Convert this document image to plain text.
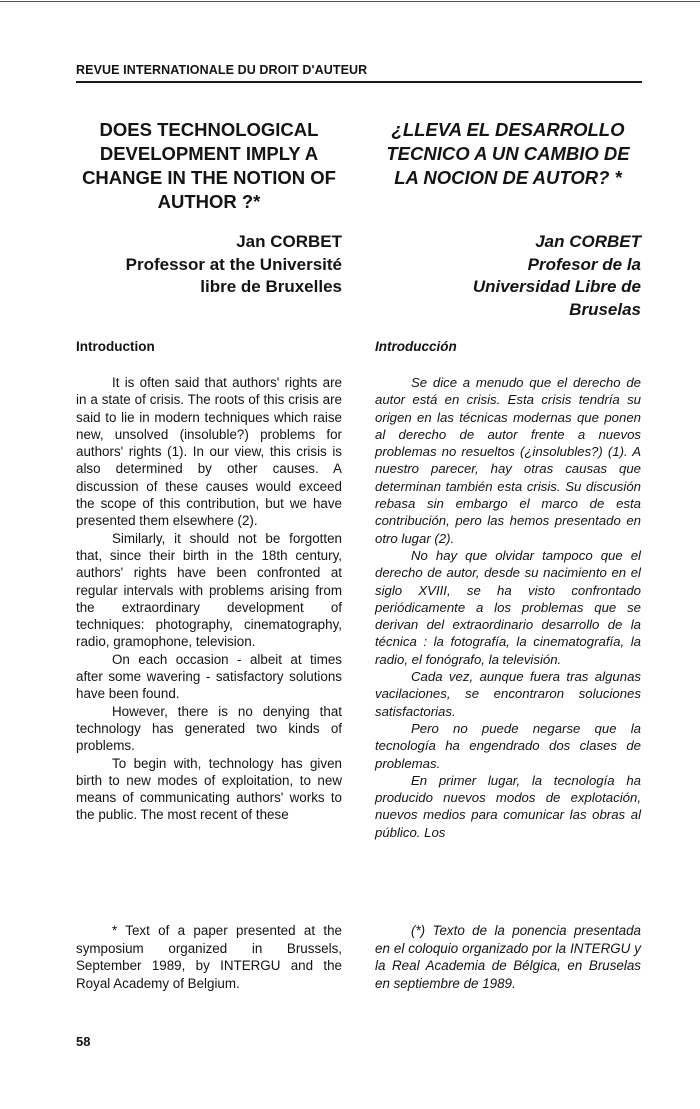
REVUE INTERNATIONALE DU DROIT D'AUTEUR
DOES TECHNOLOGICAL DEVELOPMENT IMPLY A CHANGE IN THE NOTION OF AUTHOR ?*
Jan CORBET
Professor at the Université libre de Bruxelles
Introduction

It is often said that authors' rights are in a state of crisis. The roots of this crisis are said to lie in modern techniques which raise new, unsolved (insoluble?) problems for authors' rights (1). In our view, this crisis is also determined by other causes. A discussion of these causes would exceed the scope of this contribution, but we have presented them elsewhere (2).

Similarly, it should not be forgotten that, since their birth in the 18th century, authors' rights have been confronted at regular intervals with problems arising from the extraordinary development of techniques: photography, cinematography, radio, gramophone, television.

On each occasion - albeit at times after some wavering - satisfactory solutions have been found.

However, there is no denying that technology has generated two kinds of problems.

To begin with, technology has given birth to new modes of exploitation, to new means of communicating authors' works to the public. The most recent of these

* Text of a paper presented at the symposium organized in Brussels, September 1989, by INTERGU and the Royal Academy of Belgium.
¿LLEVA EL DESARROLLO TECNICO A UN CAMBIO DE LA NOCION DE AUTOR? *
Jan CORBET
Profesor de la Universidad Libre de Bruselas
Introducción

Se dice a menudo que el derecho de autor está en crisis. Esta crisis tendría su origen en las técnicas modernas que ponen al derecho de autor frente a nuevos problemas no resueltos (¿insolubles?) (1). A nuestro parecer, hay otras causas que determinan también esta crisis. Su discusión rebasa sin embargo el marco de esta contribución, pero las hemos presentado en otro lugar (2).

No hay que olvidar tampoco que el derecho de autor, desde su nacimiento en el siglo XVIII, se ha visto confrontado periódicamente a los problemas que se derivan del extraordinario desarrollo de la técnica : la fotografía, la cinematografía, la radio, el fonógrafo, la televisión.

Cada vez, aunque fuera tras algunas vacilaciones, se encontraron soluciones satisfactorias.

Pero no puede negarse que la tecnología ha engendrado dos clases de problemas.

En primer lugar, la tecnología ha producido nuevos modos de explotación, nuevos medios para comunicar las obras al público. Los

(*) Texto de la ponencia presentada en el coloquio organizado por la INTERGU y la Real Academia de Bélgica, en Bruselas en septiembre de 1989.
58
